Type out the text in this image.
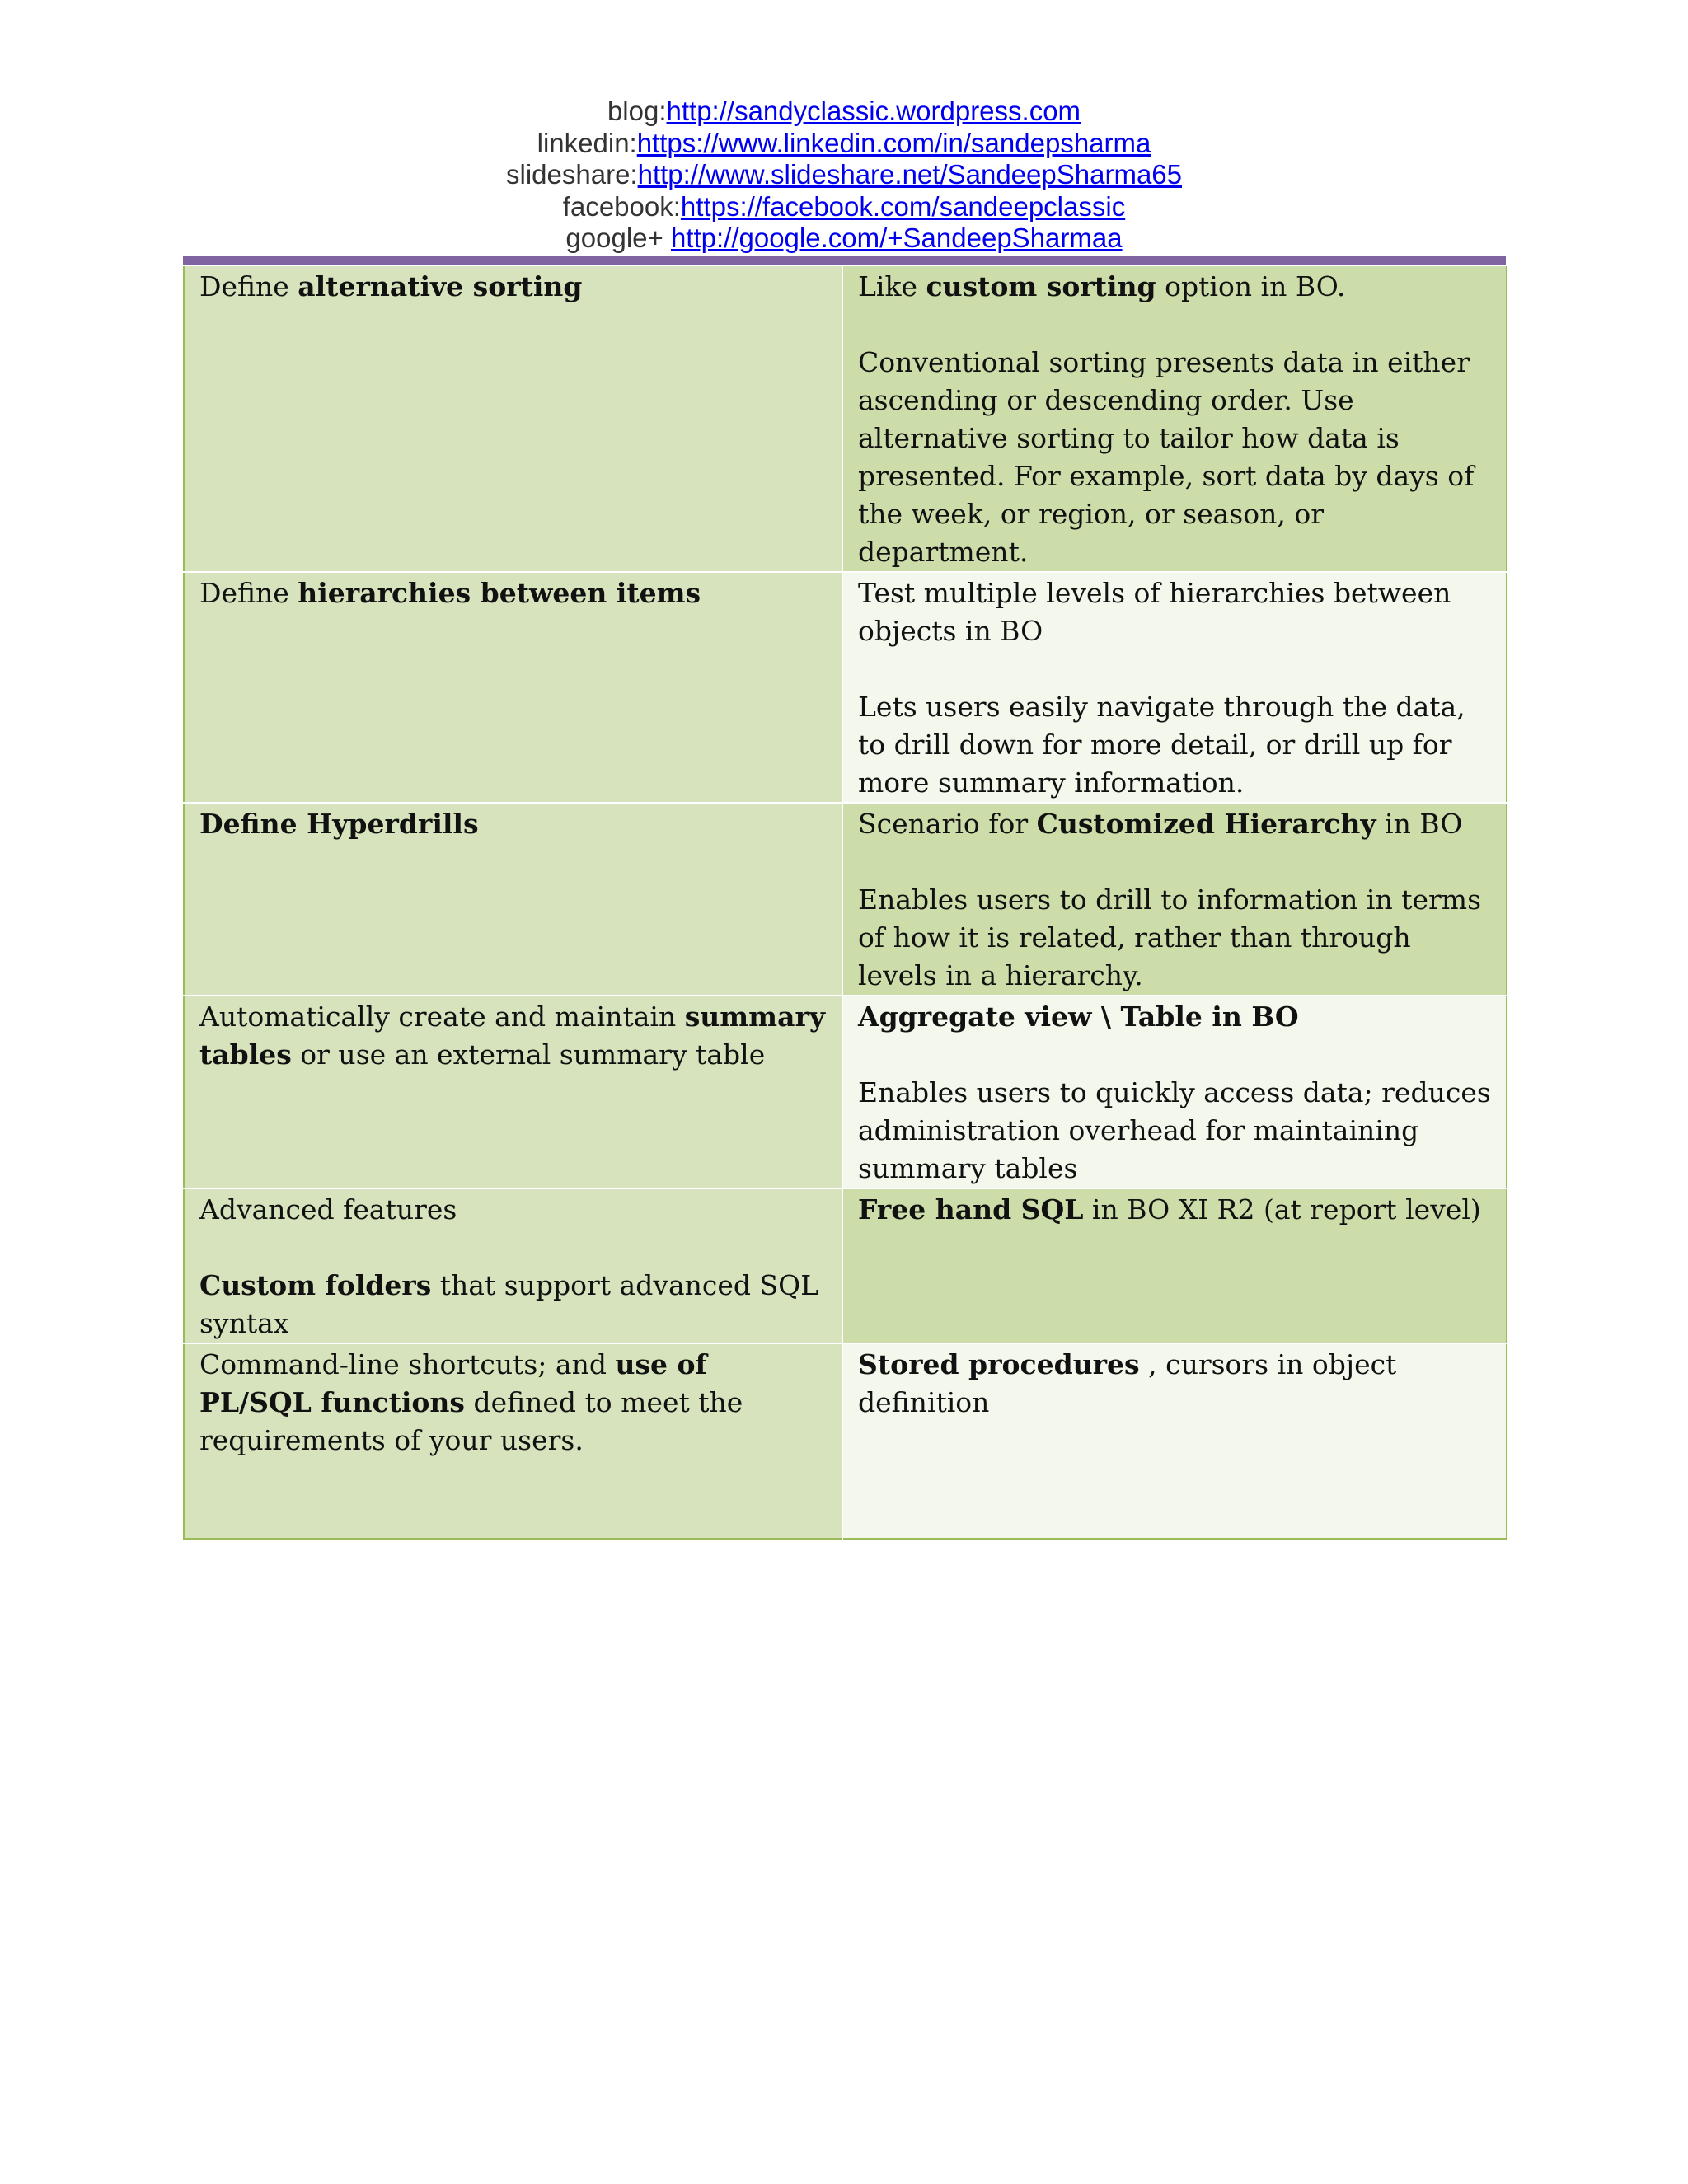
blog:http://sandyclassic.wordpress.com
linkedin:https://www.linkedin.com/in/sandepsharma
slideshare:http://www.slideshare.net/SandeepSharma65
facebook:https://facebook.com/sandeepclassic
google+ http://google.com/+SandeepSharmaa
Define alternative sorting	Like custom sorting option in BO.
Conventional sorting presents data in either ascending or descending order. Use alternative sorting to tailor how data is presented. For example, sort data by days of the week, or region, or season, or department.

Define hierarchies between items	Test multiple levels of hierarchies between objects in BO
Lets users easily navigate through the data, to drill down for more detail, or drill up for more summary information.

Define Hyperdrills	Scenario for Customized Hierarchy in BO
Enables users to drill to information in terms of how it is related, rather than through levels in a hierarchy.

Automatically create and maintain summary tables or use an external summary table	Aggregate view \ Table in BO
Enables users to quickly access data; reduces administration overhead for maintaining summary tables

Advanced features
Custom folders that support advanced SQL syntax	Free hand SQL in BO XI R2 (at report level)
Command-line shortcuts; and use of PL/SQL functions defined to meet the requirements of your users.	Stored procedures , cursors in object definition
